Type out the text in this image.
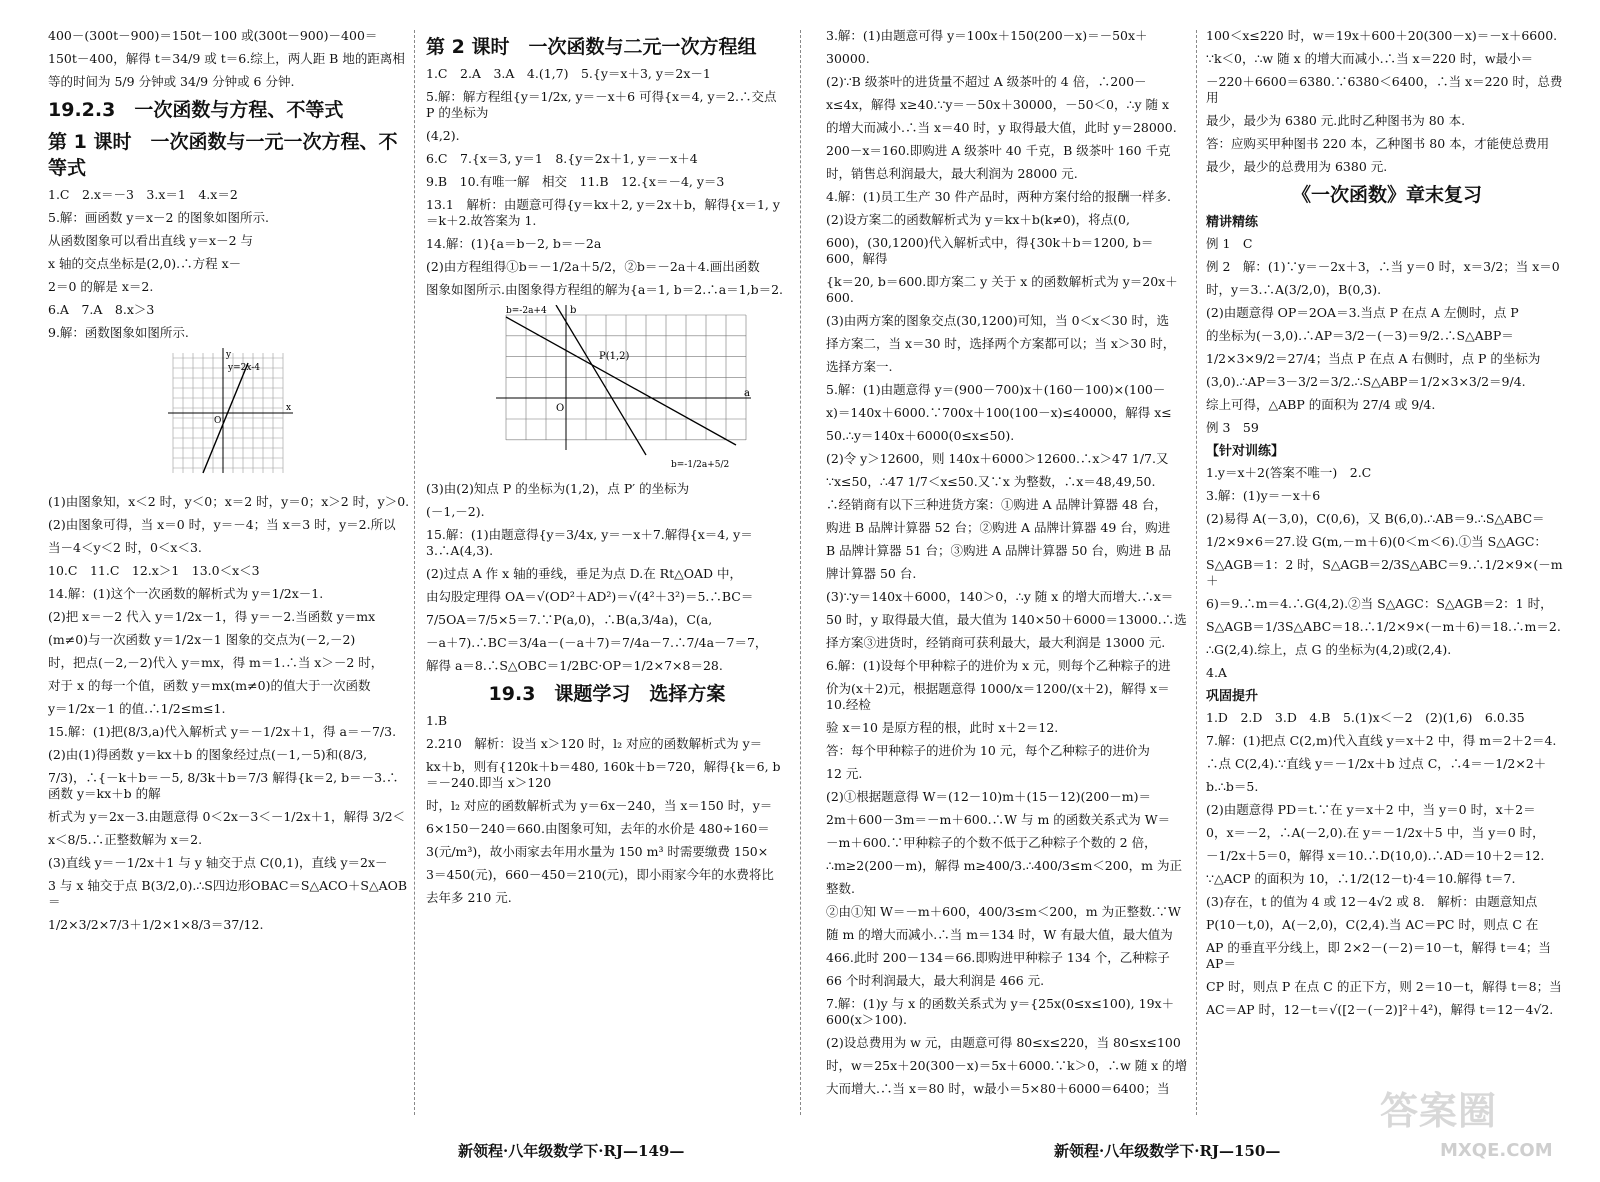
400－(300t－900)＝150t－100 或(300t－900)－400＝
150t－400，解得 t＝34/9 或 t＝6.综上，两人距 B 地的距离相
等的时间为 5/9 分钟或 34/9 分钟或 6 分钟.
19.2.3　一次函数与方程、不等式
第 1 课时　一次函数与一元一次方程、不等式
1.C　2.x＝－3　3.x＝1　4.x＝2
5.解：画函数 y＝x－2 的图象如图所示.
从函数图象可以看出直线 y＝x－2 与
x 轴的交点坐标是(2,0).∴方程 x－
2＝0 的解是 x＝2.
6.A　7.A　8.x＞3
9.解：函数图象如图所示.
x
y
y=2x-4
O
(1)由图象知，x＜2 时，y＜0；x＝2 时，y＝0；x＞2 时，y＞0.
(2)由图象可得，当 x＝0 时，y＝－4；当 x＝3 时，y＝2.所以
当－4＜y＜2 时，0＜x＜3.
10.C　11.C　12.x＞1　13.0＜x＜3
14.解：(1)这个一次函数的解析式为 y＝1/2x－1.
(2)把 x＝－2 代入 y＝1/2x－1，得 y＝－2.当函数 y＝mx
(m≠0)与一次函数 y＝1/2x－1 图象的交点为(－2,－2)
时，把点(－2,－2)代入 y＝mx，得 m＝1.∴当 x＞－2 时，
对于 x 的每一个值，函数 y＝mx(m≠0)的值大于一次函数
y＝1/2x－1 的值.∴1/2≤m≤1.
15.解：(1)把(8/3,a)代入解析式 y＝－1/2x＋1，得 a＝－7/3.
(2)由(1)得函数 y＝kx＋b 的图象经过点(－1,－5)和(8/3,
7/3)，∴{－k＋b＝－5, 8/3k＋b＝7/3 解得{k＝2, b＝－3.∴函数 y＝kx＋b 的解
析式为 y＝2x－3.由题意得 0＜2x－3＜－1/2x＋1，解得 3/2＜
x＜8/5.∴正整数解为 x＝2.
(3)直线 y＝－1/2x＋1 与 y 轴交于点 C(0,1)，直线 y＝2x－
3 与 x 轴交于点 B(3/2,0).∴S四边形OBAC＝S△ACO＋S△AOB＝
1/2×3/2×7/3＋1/2×1×8/3＝37/12.
第 2 课时　一次函数与二元一次方程组
1.C　2.A　3.A　4.(1,7)　5.{y＝x＋3, y＝2x－1
5.解：解方程组{y＝1/2x, y＝－x＋6 可得{x＝4, y＝2.∴交点 P 的坐标为
(4,2).
6.C　7.{x＝3, y＝1　8.{y＝2x＋1, y＝－x＋4
9.B　10.有唯一解　相交　11.B　12.{x＝－4, y＝3
13.1　解析：由题意可得{y＝kx＋2, y＝2x＋b，解得{x＝1, y＝k＋2.故答案为 1.
14.解：(1){a＝b－2, b＝－2a
(2)由方程组得①b＝－1/2a＋5/2，②b＝－2a＋4.画出函数
图象如图所示.由图象得方程组的解为{a＝1, b＝2.∴a＝1,b＝2.
b
a
O
P(1,2)
b=-2a+4
b=-1/2a+5/2
(3)由(2)知点 P 的坐标为(1,2)，点 P′ 的坐标为
(－1,－2).
15.解：(1)由题意得{y＝3/4x, y＝－x＋7.解得{x＝4, y＝3.∴A(4,3).
(2)过点 A 作 x 轴的垂线，垂足为点 D.在 Rt△OAD 中，
由勾股定理得 OA＝√(OD²＋AD²)＝√(4²＋3²)＝5.∴BC＝
7/5OA＝7/5×5＝7.∵P(a,0)，∴B(a,3/4a)，C(a,
－a＋7).∴BC＝3/4a－(－a＋7)＝7/4a－7.∴7/4a－7＝7，
解得 a＝8.∴S△OBC＝1/2BC·OP＝1/2×7×8＝28.
19.3　课题学习　选择方案
1.B
2.210　解析：设当 x＞120 时，l₂ 对应的函数解析式为 y＝
kx＋b，则有{120k＋b＝480, 160k＋b＝720，解得{k＝6, b＝－240.即当 x＞120
时，l₂ 对应的函数解析式为 y＝6x－240，当 x＝150 时，y＝
6×150－240＝660.由图象可知，去年的水价是 480÷160＝
3(元/m³)，故小雨家去年用水量为 150 m³ 时需要缴费 150×
3＝450(元)，660－450＝210(元)，即小雨家今年的水费将比
去年多 210 元.
3.解：(1)由题意可得 y＝100x＋150(200－x)＝－50x＋
30000.
(2)∵B 级茶叶的进货量不超过 A 级茶叶的 4 倍，∴200－
x≤4x，解得 x≥40.∵y＝－50x＋30000，－50＜0，∴y 随 x
的增大而减小.∴当 x＝40 时，y 取得最大值，此时 y＝28000.
200－x＝160.即购进 A 级茶叶 40 千克，B 级茶叶 160 千克
时，销售总利润最大，最大利润为 28000 元.
4.解：(1)员工生产 30 件产品时，两种方案付给的报酬一样多.
(2)设方案二的函数解析式为 y＝kx＋b(k≠0)，将点(0,
600)，(30,1200)代入解析式中，得{30k＋b＝1200, b＝600，解得
{k＝20, b＝600.即方案二 y 关于 x 的函数解析式为 y＝20x＋600.
(3)由两方案的图象交点(30,1200)可知，当 0＜x＜30 时，选
择方案二，当 x＝30 时，选择两个方案都可以；当 x＞30 时，
选择方案一.
5.解：(1)由题意得 y＝(900－700)x＋(160－100)×(100－
x)＝140x＋6000.∵700x＋100(100－x)≤40000，解得 x≤
50.∴y＝140x＋6000(0≤x≤50).
(2)令 y＞12600，则 140x＋6000＞12600.∴x＞47 1/7.又
∵x≤50，∴47 1/7＜x≤50.又∵x 为整数，∴x＝48,49,50.
∴经销商有以下三种进货方案：①购进 A 品牌计算器 48 台，
购进 B 品牌计算器 52 台；②购进 A 品牌计算器 49 台，购进
B 品牌计算器 51 台；③购进 A 品牌计算器 50 台，购进 B 品
牌计算器 50 台.
(3)∵y＝140x＋6000，140＞0，∴y 随 x 的增大而增大.∴x＝
50 时，y 取得最大值，最大值为 140×50＋6000＝13000.∴选
择方案③进货时，经销商可获利最大，最大利润是 13000 元.
6.解：(1)设每个甲种粽子的进价为 x 元，则每个乙种粽子的进
价为(x＋2)元，根据题意得 1000/x＝1200/(x＋2)，解得 x＝10.经检
验 x＝10 是原方程的根，此时 x＋2＝12.
答：每个甲种粽子的进价为 10 元，每个乙种粽子的进价为
12 元.
(2)①根据题意得 W＝(12－10)m＋(15－12)(200－m)＝
2m＋600－3m＝－m＋600.∴W 与 m 的函数关系式为 W＝
－m＋600.∵甲种粽子的个数不低于乙种粽子个数的 2 倍，
∴m≥2(200－m)，解得 m≥400/3.∴400/3≤m＜200，m 为正
整数.
②由①知 W＝－m＋600，400/3≤m＜200，m 为正整数.∵W
随 m 的增大而减小.∴当 m＝134 时，W 有最大值，最大值为
466.此时 200－134＝66.即购进甲种粽子 134 个，乙种粽子
66 个时利润最大，最大利润是 466 元.
7.解：(1)y 与 x 的函数关系式为 y＝{25x(0≤x≤100), 19x＋600(x＞100).
(2)设总费用为 w 元，由题意可得 80≤x≤220，当 80≤x≤100
时，w＝25x＋20(300－x)＝5x＋6000.∵k＞0，∴w 随 x 的增
大而增大.∴当 x＝80 时，w最小＝5×80＋6000＝6400；当
100＜x≤220 时，w＝19x＋600＋20(300－x)＝－x＋6600.
∵k＜0，∴w 随 x 的增大而减小.∴当 x＝220 时，w最小＝
－220＋6600＝6380.∵6380＜6400，∴当 x＝220 时，总费用
最少，最少为 6380 元.此时乙种图书为 80 本.
答：应购买甲种图书 220 本，乙种图书 80 本，才能使总费用
最少，最少的总费用为 6380 元.
《一次函数》章末复习
精讲精练
例 1　C
例 2　解：(1)∵y＝－2x＋3，∴当 y＝0 时，x＝3/2；当 x＝0
时，y＝3.∴A(3/2,0)，B(0,3).
(2)由题意得 OP＝2OA＝3.当点 P 在点 A 左侧时，点 P
的坐标为(－3,0).∴AP＝3/2－(－3)＝9/2.∴S△ABP＝
1/2×3×9/2＝27/4；当点 P 在点 A 右侧时，点 P 的坐标为
(3,0).∴AP＝3－3/2＝3/2.∴S△ABP＝1/2×3×3/2＝9/4.
综上可得，△ABP 的面积为 27/4 或 9/4.
例 3　59
【针对训练】
1.y＝x＋2(答案不唯一)　2.C
3.解：(1)y＝－x＋6
(2)易得 A(－3,0)，C(0,6)，又 B(6,0).∴AB＝9.∴S△ABC＝
1/2×9×6＝27.设 G(m,－m＋6)(0＜m＜6).①当 S△AGC：
S△AGB＝1：2 时，S△AGB＝2/3S△ABC＝9.∴1/2×9×(－m＋
6)＝9.∴m＝4.∴G(4,2).②当 S△AGC：S△AGB＝2：1 时，
S△AGB＝1/3S△ABC＝18.∴1/2×9×(－m＋6)＝18.∴m＝2.
∴G(2,4).综上，点 G 的坐标为(4,2)或(2,4).
4.A
巩固提升
1.D　2.D　3.D　4.B　5.(1)x＜－2　(2)(1,6)　6.0.35
7.解：(1)把点 C(2,m)代入直线 y＝x＋2 中，得 m＝2＋2＝4.
∴点 C(2,4).∵直线 y＝－1/2x＋b 过点 C，∴4＝－1/2×2＋
b.∴b＝5.
(2)由题意得 PD＝t.∵在 y＝x＋2 中，当 y＝0 时，x＋2＝
0，x＝－2，∴A(－2,0).在 y＝－1/2x＋5 中，当 y＝0 时，
－1/2x＋5＝0，解得 x＝10.∴D(10,0).∴AD＝10＋2＝12.
∵△ACP 的面积为 10，∴1/2(12－t)·4＝10.解得 t＝7.
(3)存在，t 的值为 4 或 12－4√2 或 8.　解析：由题意知点
P(10－t,0)，A(－2,0)，C(2,4).当 AC＝PC 时，则点 C 在
AP 的垂直平分线上，即 2×2－(－2)＝10－t，解得 t＝4；当 AP＝
CP 时，则点 P 在点 C 的正下方，则 2＝10－t，解得 t＝8；当
AC＝AP 时，12－t＝√([2－(－2)]²＋4²)，解得 t＝12－4√2.
新领程·八年级数学下·RJ—149—	新领程·八年级数学下·RJ—150—
答案圈
MXQE.COM
